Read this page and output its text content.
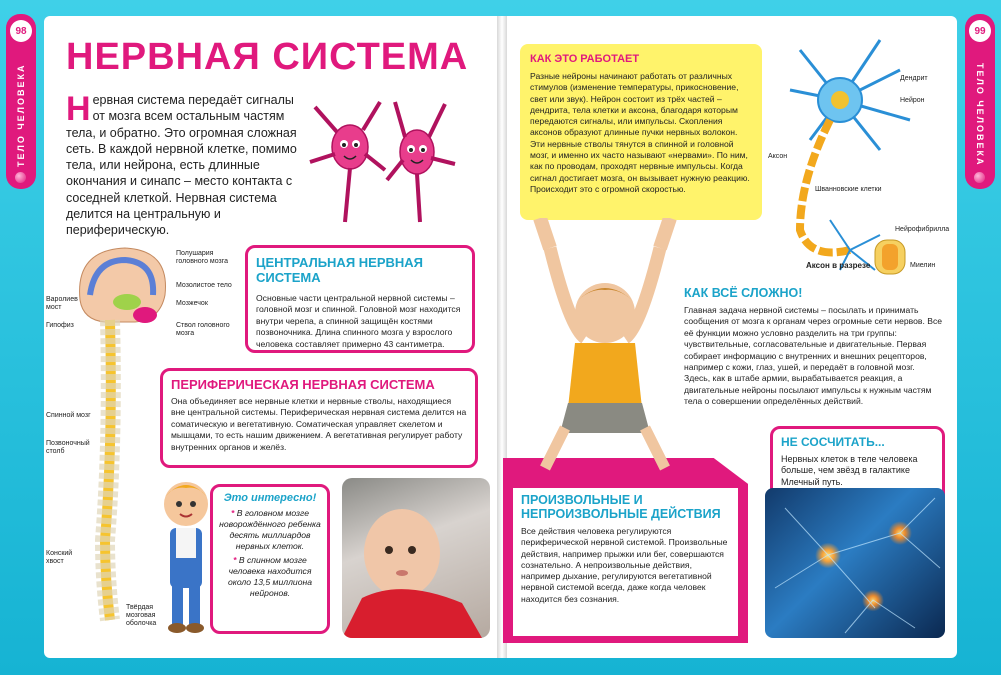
98
ТЕЛО ЧЕЛОВЕКА
99
ТЕЛО ЧЕЛОВЕКА
НЕРВНАЯ СИСТЕМА
Нервная система передаёт сигналы от мозга всем остальным частям тела, и обратно. Это огромная сложная сеть. В каждой нервной клетке, помимо тела, или нейрона, есть длинные окончания и синапс – место контакта с соседней клеткой. Нервная система делится на центральную и периферическую.
Полушария головного мозга
Мозолистое тело
Мозжечок
Ствол головного мозга
Варолиев мост
Гипофиз
Спинной мозг
Позвоночный столб
Конский хвост
Твёрдая мозговая оболочка
ЦЕНТРАЛЬНАЯ НЕРВНАЯ СИСТЕМА

Основные части центральной нервной системы – головной мозг и спинной. Головной мозг находится внутри черепа, а спинной защищён костями позвоночника. Длина спинного мозга у взрослого человека составляет примерно 43 сантиметра.

ПЕРИФЕРИЧЕСКАЯ НЕРВНАЯ СИСТЕМА

Она объединяет все нервные клетки и нервные стволы, находящиеся вне центральной системы. Периферическая нервная система делится на соматическую и вегетативную. Соматическая управляет скелетом и мышцами, то есть нашим движением. А вегетативная регулирует работу внутренних органов и желёз.

Это интересно!
* В головном мозге новорождённого ребенка десять миллиардов нервных клеток.
* В спинном мозге человека находится около 13,5 миллиона нейронов.
КАК ЭТО РАБОТАЕТ

Разные нейроны начинают работать от различных стимулов (изменение температуры, прикосновение, свет или звук). Нейрон состоит из трёх частей – дендрита, тела клетки и аксона, благодаря которым передаются сигналы, или импульсы. Скопления аксонов образуют длинные пучки нервных волокон. Эти нервные стволы тянутся в спинной и головной мозг, и именно их часто называют «нервами». По ним, как по проводам, проходят нервные импульсы. Когда сигнал достигает мозга, он вызывает нужную реакцию. Происходит это с огромной скоростью.

Дендрит
Нейрон
Аксон
Шванновские клетки
Нейрофибрилла
Миелин
Аксон в разрезе
КАК ВСЁ СЛОЖНО!

Главная задача нервной системы – посылать и принимать сообщения от мозга к органам через огромные сети нервов. Все её функции можно условно разделить на три группы: чувствительные, согласовательные и двигательные. Первая собирает информацию с внутренних и внешних рецепторов, например с кожи, глаз, ушей, и передаёт в головной мозг. Здесь, как в штабе армии, вырабатывается реакция, а двигательные нейроны посылают импульсы к нужным частям тела о совершении определённых действий.

НЕ СОСЧИТАТЬ...

Нервных клеток в теле человека больше, чем звёзд в галактике Млечный путь.

ПРОИЗВОЛЬНЫЕ И НЕПРОИЗВОЛЬНЫЕ ДЕЙСТВИЯ

Все действия человека регулируются периферической нервной системой. Произвольные действия, например прыжки или бег, совершаются сознательно. А непроизвольные действия, например дыхание, регулируются вегетативной нервной системой всегда, даже когда человек находится без сознания.
